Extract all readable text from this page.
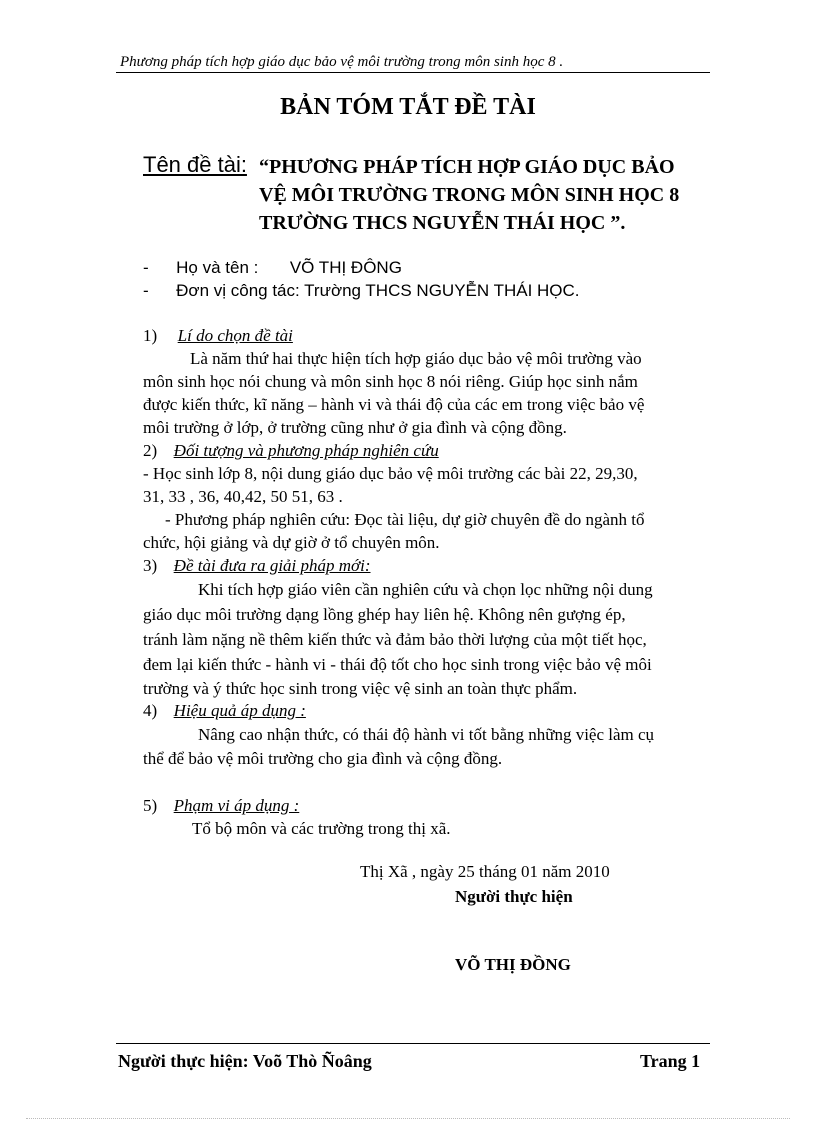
Phương pháp tích hợp giáo dục bảo vệ môi trường trong môn sinh học 8 .
BẢN TÓM TẮT ĐỀ TÀI
Tên đề tài: “PHƯƠNG PHÁP TÍCH HỢP GIÁO DỤC BẢO
VỆ MÔI TRƯỜNG TRONG MÔN SINH HỌC 8
TRƯỜNG THCS NGUYỄN THÁI HỌC ”.
- Họ và tên : VÕ THỊ ĐÔNG
- Đơn vị công tác: Trường THCS NGUYỄN THÁI HỌC.
1) Lí do chọn đề tài
Là năm thứ hai thực hiện tích hợp giáo dục bảo vệ môi trường vào
môn sinh học nói chung và môn sinh học 8 nói riêng. Giúp học sinh nắm
được kiến thức, kĩ năng – hành vi và thái độ của các em trong việc bảo vệ
môi trường ở lớp, ở trường cũng như ở gia đình và cộng đồng.
2) Đối tượng và phương pháp nghiên cứu
- Học sinh lớp 8, nội dung giáo dục bảo vệ môi trường các bài 22, 29,30,
31, 33 , 36, 40,42, 50 51, 63 .
- Phương pháp nghiên cứu: Đọc tài liệu, dự giờ chuyên đề do ngành tổ
chức, hội giảng và dự giờ ở tổ chuyên môn.
3) Đề tài đưa ra giải pháp mới:
Khi tích hợp giáo viên cần nghiên cứu và chọn lọc những nội dung
giáo dục môi trường dạng lồng ghép hay liên hệ. Không nên gượng ép,
tránh làm nặng nề thêm kiến thức và đảm bảo thời lượng của một tiết học,
đem lại kiến thức - hành vi - thái độ tốt cho học sinh trong việc bảo vệ môi
trường và ý thức học sinh trong việc vệ sinh an toàn thực phẩm.
4) Hiệu quả áp dụng :
Nâng cao nhận thức, có thái độ hành vi tốt bằng những việc làm cụ
thể để bảo vệ môi trường cho gia đình và cộng đồng.
5) Phạm vi áp dụng :
Tổ bộ môn và các trường trong thị xã.
Thị Xã , ngày 25 tháng 01 năm 2010
Người thực hiện
VÕ THỊ ĐỒNG
Người thực hiện: Voõ Thò Ñoâng	Trang 1
